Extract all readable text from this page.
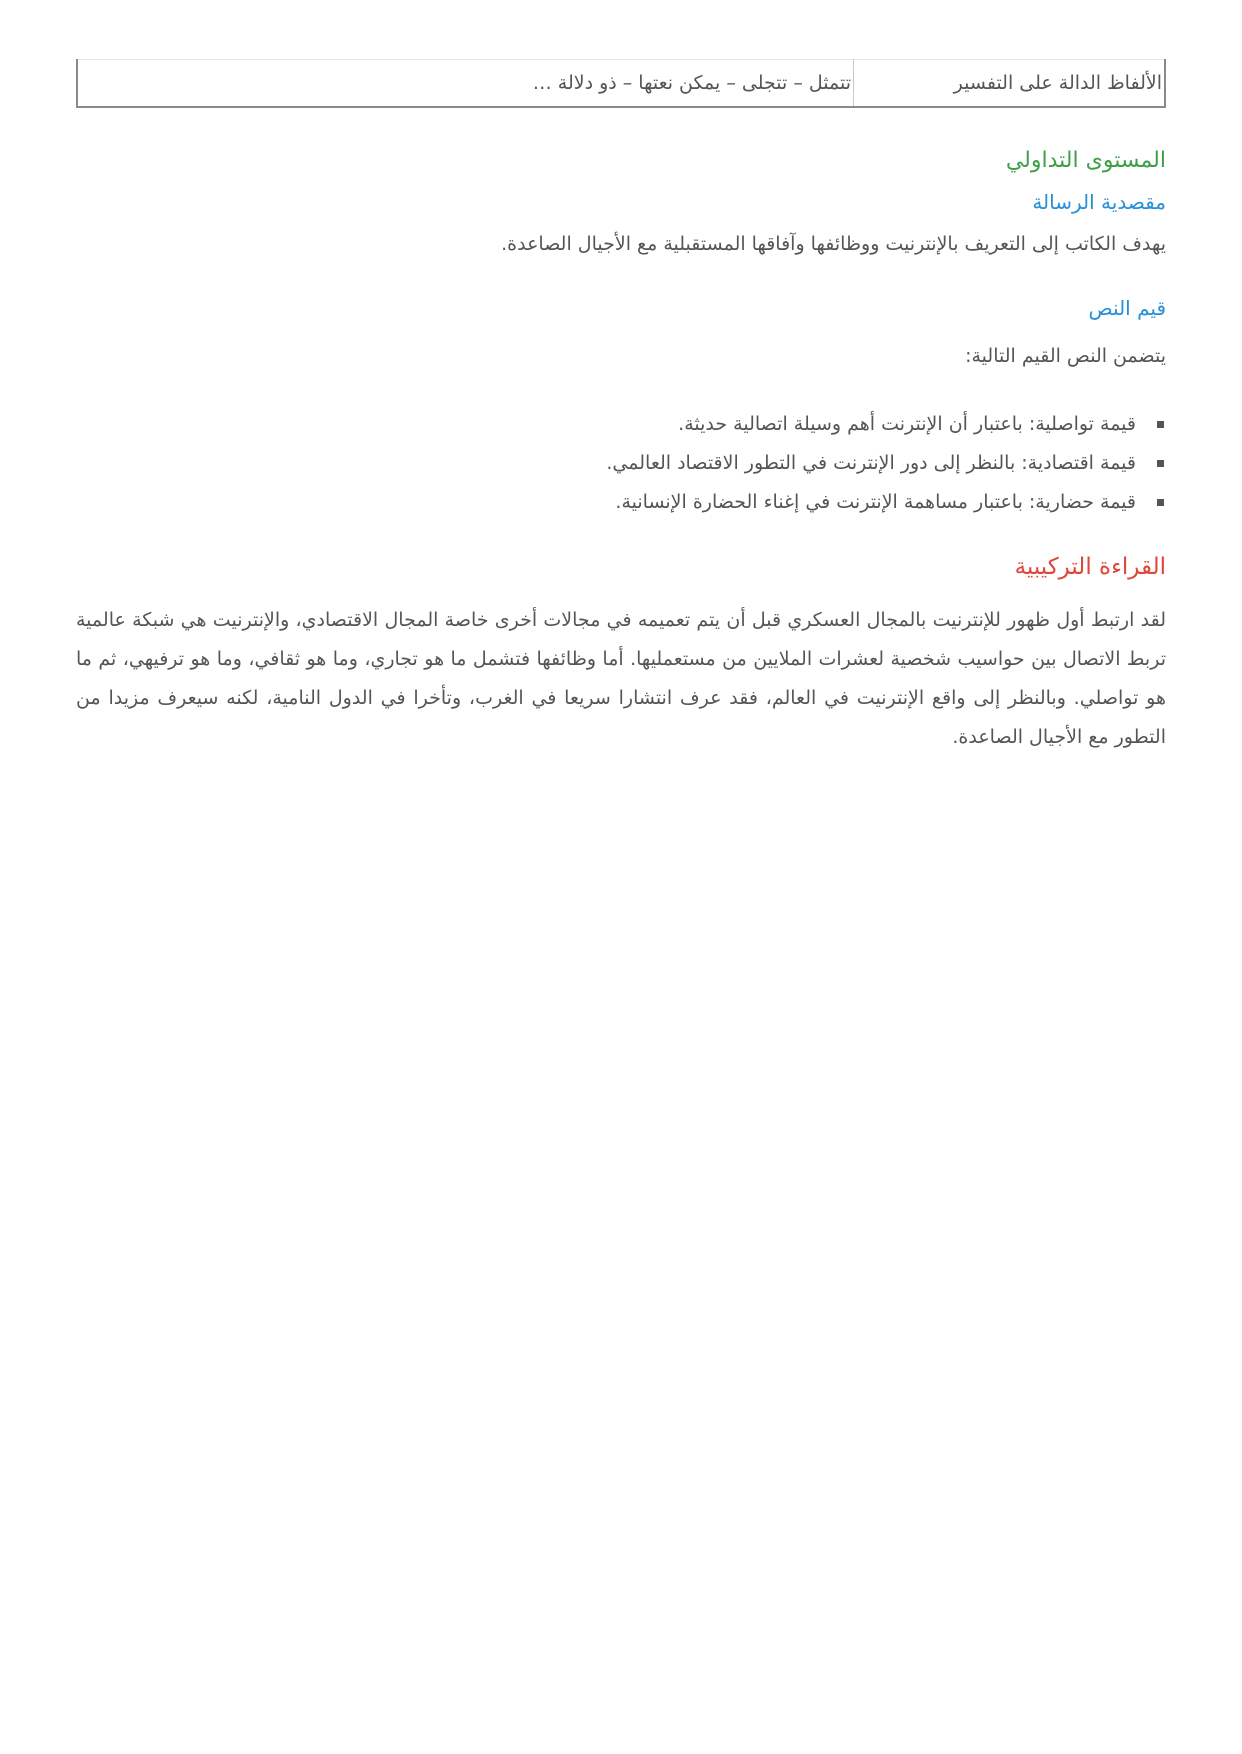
الألفاظ الدالة على التفسير	تتمثل – تتجلى – يمكن نعتها – ذو دلالة …
المستوى التداولي
مقصدية الرسالة

يهدف الكاتب إلى التعريف بالإنترنيت ووظائفها وآفاقها المستقبلية مع الأجيال الصاعدة.

قيم النص

يتضمن النص القيم التالية:

قيمة تواصلية: باعتبار أن الإنترنت أهم وسيلة اتصالية حديثة.
قيمة اقتصادية: بالنظر إلى دور الإنترنت في التطور الاقتصاد العالمي.
قيمة حضارية: باعتبار مساهمة الإنترنت في إغناء الحضارة الإنسانية.
القراءة التركيبية

لقد ارتبط أول ظهور للإنترنيت بالمجال العسكري قبل أن يتم تعميمه في مجالات أخرى خاصة المجال الاقتصادي، والإنترنيت هي شبكة عالمية تربط الاتصال بين حواسيب شخصية لعشرات الملايين من مستعمليها. أما وظائفها فتشمل ما هو تجاري، وما هو ثقافي، وما هو ترفيهي، ثم ما هو تواصلي. وبالنظر إلى واقع الإنترنيت في العالم، فقد عرف انتشارا سريعا في الغرب، وتأخرا في الدول النامية، لكنه سيعرف مزيدا من التطور مع الأجيال الصاعدة.
